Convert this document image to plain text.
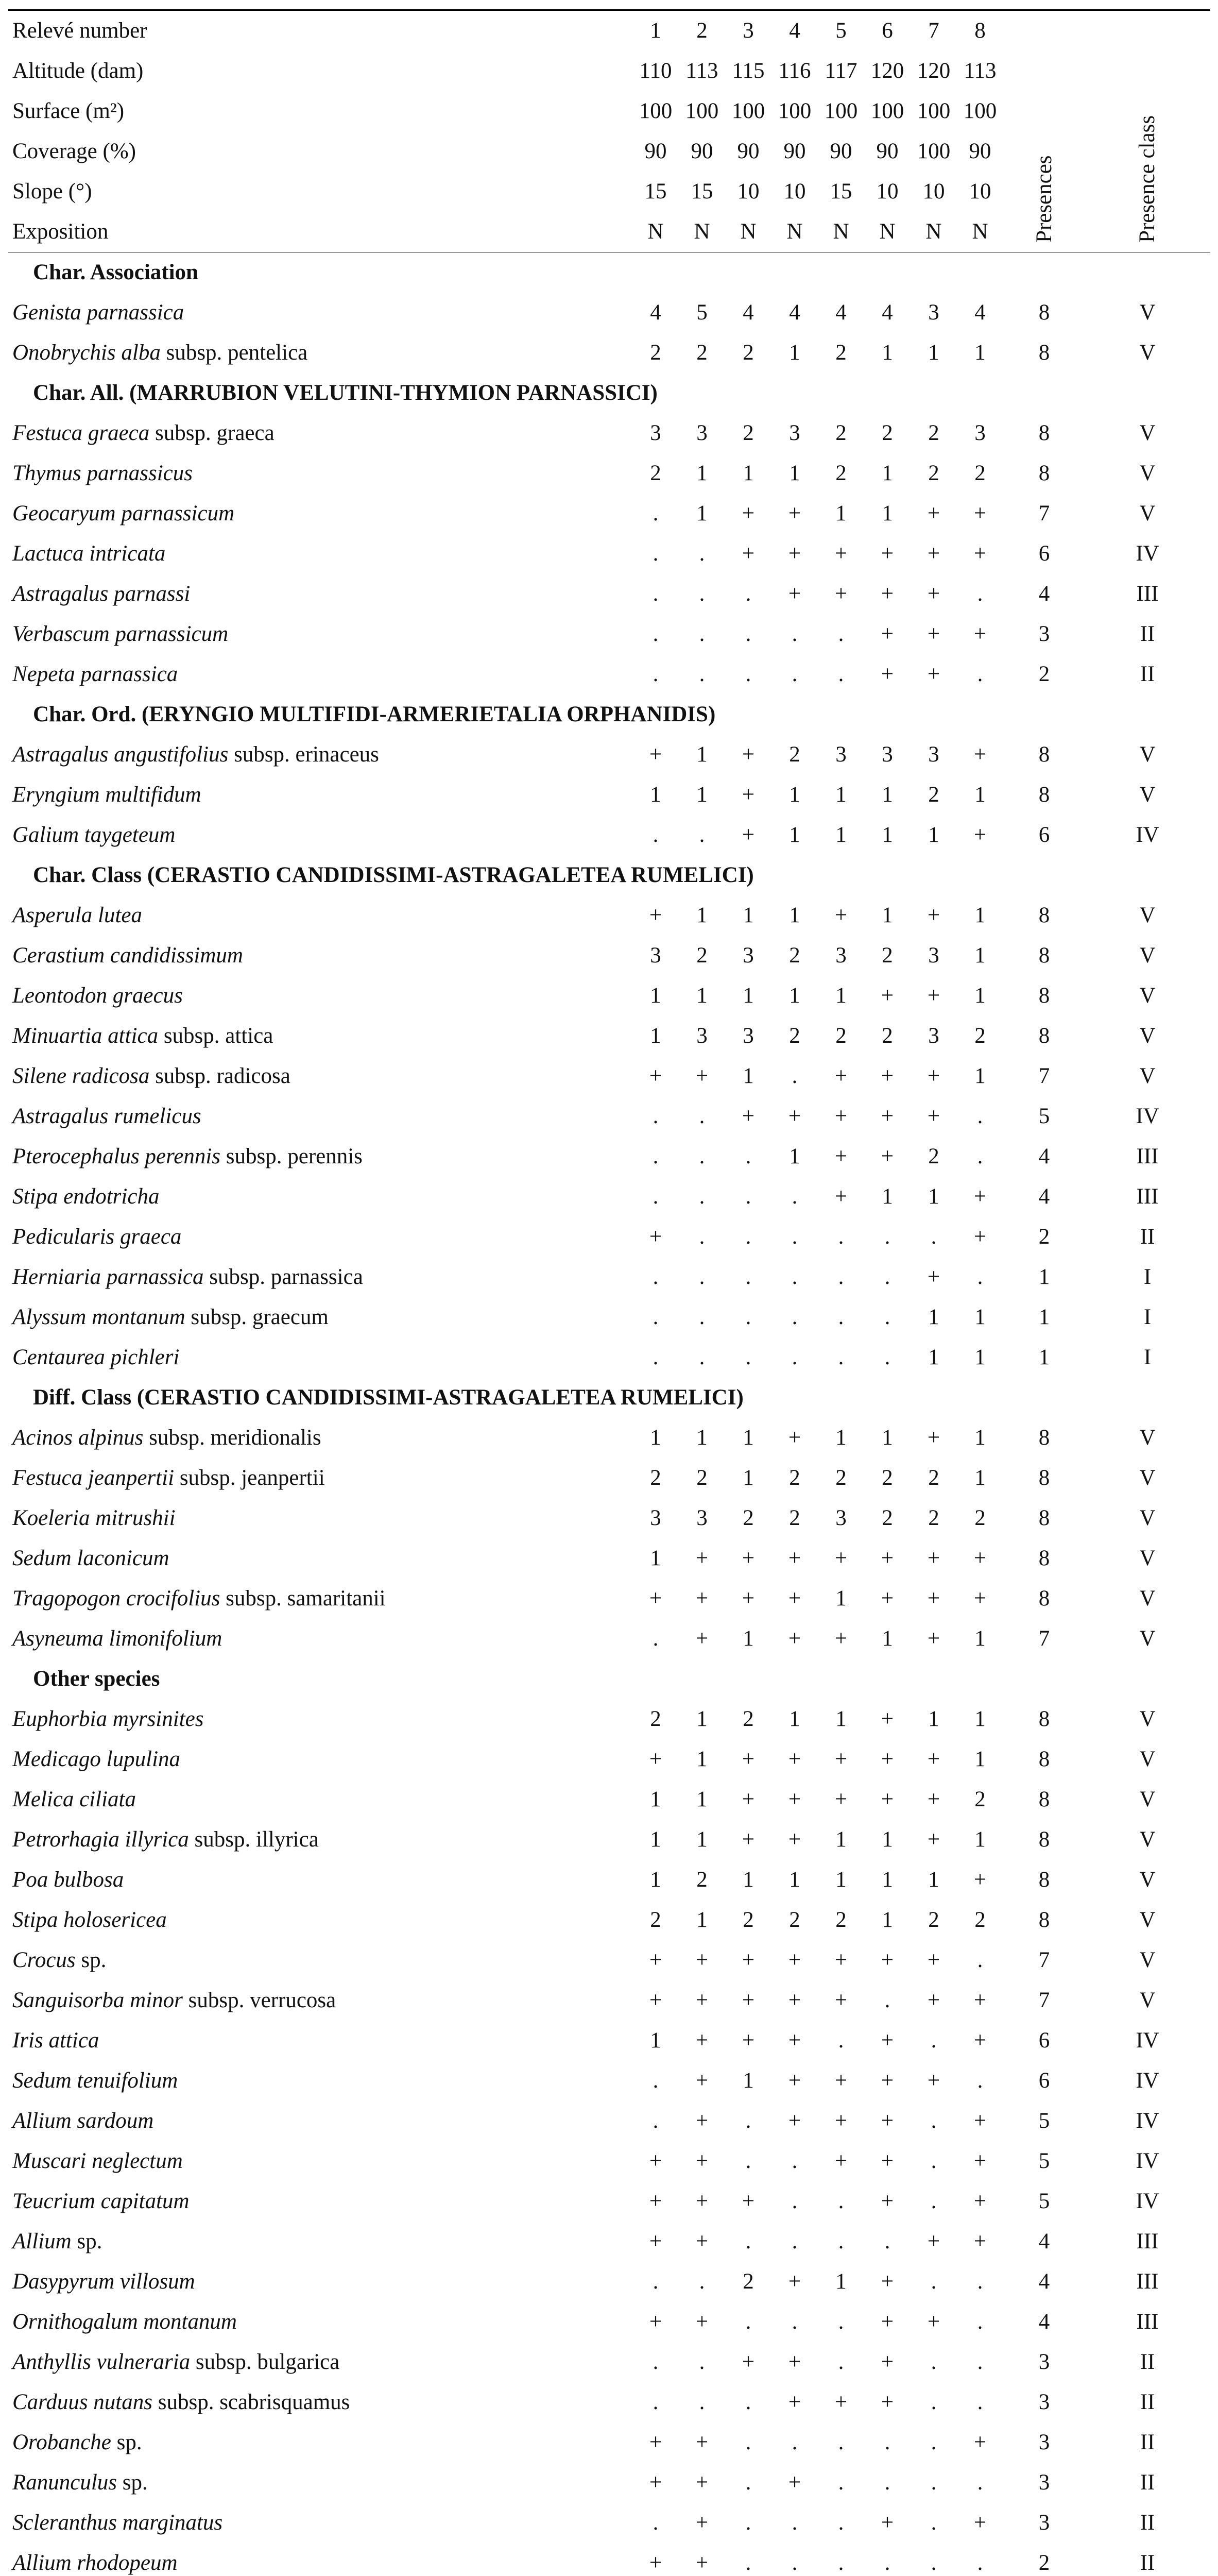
Relevé number	1	2	3	4	5	6	7	8	Presences	Presence class

Altitude (dam)	110	113	115	116	117	120	120	113		
Surface (m²)	100	100	100	100	100	100	100	100		
Coverage (%)	90	90	90	90	90	90	100	90		
Slope (°)	15	15	10	10	15	10	10	10		
Exposition	N	N	N	N	N	N	N	N		
Char. Association										
Genista parnassica	4	5	4	4	4	4	3	4	8	V
Onobrychis alba subsp. pentelica	2	2	2	1	2	1	1	1	8	V
Char. All. (MARRUBION VELUTINI-THYMION PARNASSICI)										
Festuca graeca subsp. graeca	3	3	2	3	2	2	2	3	8	V
Thymus parnassicus	2	1	1	1	2	1	2	2	8	V
Geocaryum parnassicum	.	1	+	+	1	1	+	+	7	V
Lactuca intricata	.	.	+	+	+	+	+	+	6	IV
Astragalus parnassi	.	.	.	+	+	+	+	.	4	III
Verbascum parnassicum	.	.	.	.	.	+	+	+	3	II
Nepeta parnassica	.	.	.	.	.	+	+	.	2	II
Char. Ord. (ERYNGIO MULTIFIDI-ARMERIETALIA ORPHANIDIS)										
Astragalus angustifolius subsp. erinaceus	+	1	+	2	3	3	3	+	8	V
Eryngium multifidum	1	1	+	1	1	1	2	1	8	V
Galium taygeteum	.	.	+	1	1	1	1	+	6	IV
Char. Class (CERASTIO CANDIDISSIMI-ASTRAGALETEA RUMELICI)										
Asperula lutea	+	1	1	1	+	1	+	1	8	V
Cerastium candidissimum	3	2	3	2	3	2	3	1	8	V
Leontodon graecus	1	1	1	1	1	+	+	1	8	V
Minuartia attica subsp. attica	1	3	3	2	2	2	3	2	8	V
Silene radicosa subsp. radicosa	+	+	1	.	+	+	+	1	7	V
Astragalus rumelicus	.	.	+	+	+	+	+	.	5	IV
Pterocephalus perennis subsp. perennis	.	.	.	1	+	+	2	.	4	III
Stipa endotricha	.	.	.	.	+	1	1	+	4	III
Pedicularis graeca	+	.	.	.	.	.	.	+	2	II
Herniaria parnassica subsp. parnassica	.	.	.	.	.	.	+	.	1	I
Alyssum montanum subsp. graecum	.	.	.	.	.	.	1	1	1	I
Centaurea pichleri	.	.	.	.	.	.	1	1	1	I
Diff. Class (CERASTIO CANDIDISSIMI-ASTRAGALETEA RUMELICI)										
Acinos alpinus subsp. meridionalis	1	1	1	+	1	1	+	1	8	V
Festuca jeanpertii subsp. jeanpertii	2	2	1	2	2	2	2	1	8	V
Koeleria mitrushii	3	3	2	2	3	2	2	2	8	V
Sedum laconicum	1	+	+	+	+	+	+	+	8	V
Tragopogon crocifolius subsp. samaritanii	+	+	+	+	1	+	+	+	8	V
Asyneuma limonifolium	.	+	1	+	+	1	+	1	7	V
Other species										
Euphorbia myrsinites	2	1	2	1	1	+	1	1	8	V
Medicago lupulina	+	1	+	+	+	+	+	1	8	V
Melica ciliata	1	1	+	+	+	+	+	2	8	V
Petrorhagia illyrica subsp. illyrica	1	1	+	+	1	1	+	1	8	V
Poa bulbosa	1	2	1	1	1	1	1	+	8	V
Stipa holosericea	2	1	2	2	2	1	2	2	8	V
Crocus sp.	+	+	+	+	+	+	+	.	7	V
Sanguisorba minor subsp. verrucosa	+	+	+	+	+	.	+	+	7	V
Iris attica	1	+	+	+	.	+	.	+	6	IV
Sedum tenuifolium	.	+	1	+	+	+	+	.	6	IV
Allium sardoum	.	+	.	+	+	+	.	+	5	IV
Muscari neglectum	+	+	.	.	+	+	.	+	5	IV
Teucrium capitatum	+	+	+	.	.	+	.	+	5	IV
Allium sp.	+	+	.	.	.	.	+	+	4	III
Dasypyrum villosum	.	.	2	+	1	+	.	.	4	III
Ornithogalum montanum	+	+	.	.	.	+	+	.	4	III
Anthyllis vulneraria subsp. bulgarica	.	.	+	+	.	+	.	.	3	II
Carduus nutans subsp. scabrisquamus	.	.	.	+	+	+	.	.	3	II
Orobanche sp.	+	+	.	.	.	.	.	+	3	II
Ranunculus sp.	+	+	.	+	.	.	.	.	3	II
Scleranthus marginatus	.	+	.	.	.	+	.	+	3	II
Allium rhodopeum	+	+	.	.	.	.	.	.	2	II
